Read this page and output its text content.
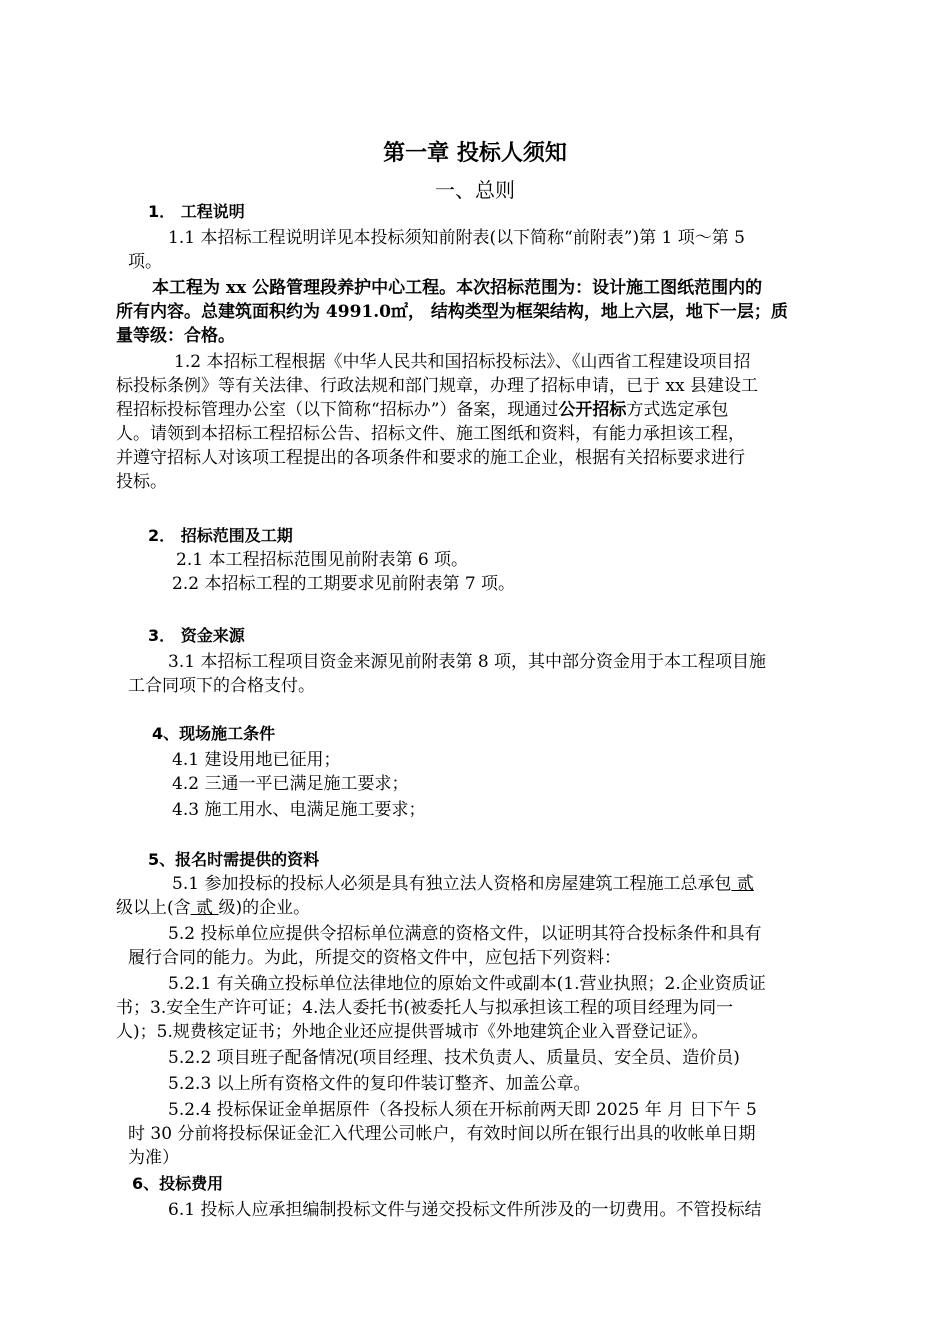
第一章 投标人须知
一、总则
1． 工程说明
1.1 本招标工程说明详见本投标须知前附表(以下简称“前附表”)第 1 项～第 5
项。
本工程为 xx 公路管理段养护中心工程。本次招标范围为：设计施工图纸范围内的
所有内容。总建筑面积约为 4991.0㎡， 结构类型为框架结构，地上六层，地下一层；质
量等级：合格。
1.2 本招标工程根据《中华人民共和国招标投标法》、《山西省工程建设项目招
标投标条例》等有关法律、行政法规和部门规章，办理了招标申请，已于 xx 县建设工
程招标投标管理办公室（以下简称“招标办”）备案，现通过公开招标方式选定承包
人。请领到本招标工程招标公告、招标文件、施工图纸和资料，有能力承担该工程，
并遵守招标人对该项工程提出的各项条件和要求的施工企业，根据有关招标要求进行
投标。
2． 招标范围及工期
2.1 本工程招标范围见前附表第 6 项。
2.2 本招标工程的工期要求见前附表第 7 项。
3． 资金来源
3.1 本招标工程项目资金来源见前附表第 8 项，其中部分资金用于本工程项目施
工合同项下的合格支付。
4、现场施工条件
4.1 建设用地已征用；
4.2 三通一平已满足施工要求；
4.3 施工用水、电满足施工要求；
5、报名时需提供的资料
5.1 参加投标的投标人必须是具有独立法人资格和房屋建筑工程施工总承包 贰
级以上(含 贰 级)的企业。
5.2 投标单位应提供令招标单位满意的资格文件，以证明其符合投标条件和具有
履行合同的能力。为此，所提交的资格文件中，应包括下列资料：
5.2.1 有关确立投标单位法律地位的原始文件或副本(1.营业执照；2.企业资质证
书；3.安全生产许可证；4.法人委托书(被委托人与拟承担该工程的项目经理为同一
人)；5.规费核定证书；外地企业还应提供晋城市《外地建筑企业入晋登记证》。
5.2.2 项目班子配备情况(项目经理、技术负责人、质量员、安全员、造价员)
5.2.3 以上所有资格文件的复印件装订整齐、加盖公章。
5.2.4 投标保证金单据原件（各投标人须在开标前两天即 2025 年 月 日下午 5
时 30 分前将投标保证金汇入代理公司帐户，有效时间以所在银行出具的收帐单日期
为准）
6、投标费用
6.1 投标人应承担编制投标文件与递交投标文件所涉及的一切费用。不管投标结
